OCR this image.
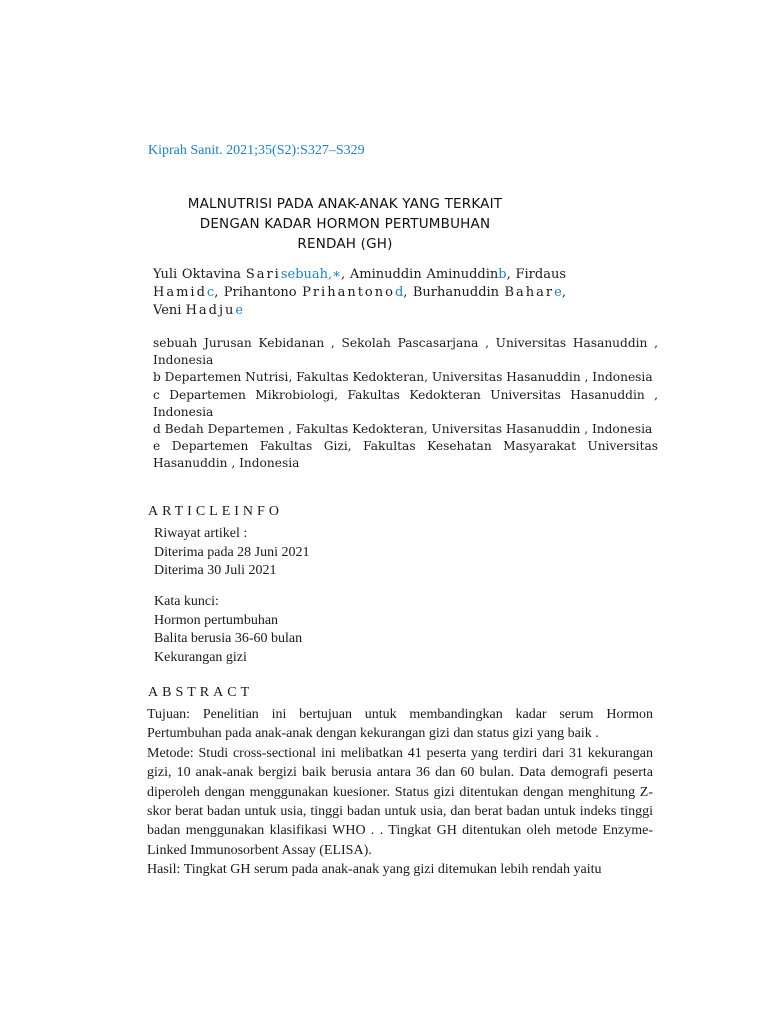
Kiprah Sanit. 2021;35(S2):S327–S329
MALNUTRISI PADA ANAK-ANAK YANG TERKAIT
DENGAN KADAR HORMON PERTUMBUHAN
RENDAH (GH)
Yuli Oktavina Sarisebuah,∗, Aminuddin Aminuddinb, Firdaus Hamidc, Prihantono Prihantonod, Burhanuddin Bahare, Veni Hadjue

sebuah Jurusan Kebidanan , Sekolah Pascasarjana , Universitas Hasanuddin , Indonesia

b Departemen Nutrisi, Fakultas Kedokteran, Universitas Hasanuddin , Indonesia

c Departemen Mikrobiologi, Fakultas Kedokteran Universitas Hasanuddin , Indonesia

d Bedah Departemen , Fakultas Kedokteran, Universitas Hasanuddin , Indonesia

e Departemen Fakultas Gizi, Fakultas Kesehatan Masyarakat Universitas Hasanuddin , Indonesia

ARTICLEINFO
Riwayat artikel :
Diterima pada 28 Juni 2021
Diterima 30 Juli 2021
Kata kunci:
Hormon pertumbuhan
Balita berusia 36-60 bulan
Kekurangan gizi
ABSTRACT

Tujuan: Penelitian ini bertujuan untuk membandingkan kadar serum Hormon Pertumbuhan pada anak-anak dengan kekurangan gizi dan status gizi yang baik .

Metode: Studi cross-sectional ini melibatkan 41 peserta yang terdiri dari 31 kekurangan gizi, 10 anak-anak bergizi baik berusia antara 36 dan 60 bulan. Data demografi peserta diperoleh dengan menggunakan kuesioner. Status gizi ditentukan dengan menghitung Z-skor berat badan untuk usia, tinggi badan untuk usia, dan berat badan untuk indeks tinggi badan menggunakan klasifikasi WHO . . Tingkat GH ditentukan oleh metode Enzyme-Linked Immunosorbent Assay (ELISA).

Hasil: Tingkat GH serum pada anak-anak yang gizi ditemukan lebih rendah yaitu
